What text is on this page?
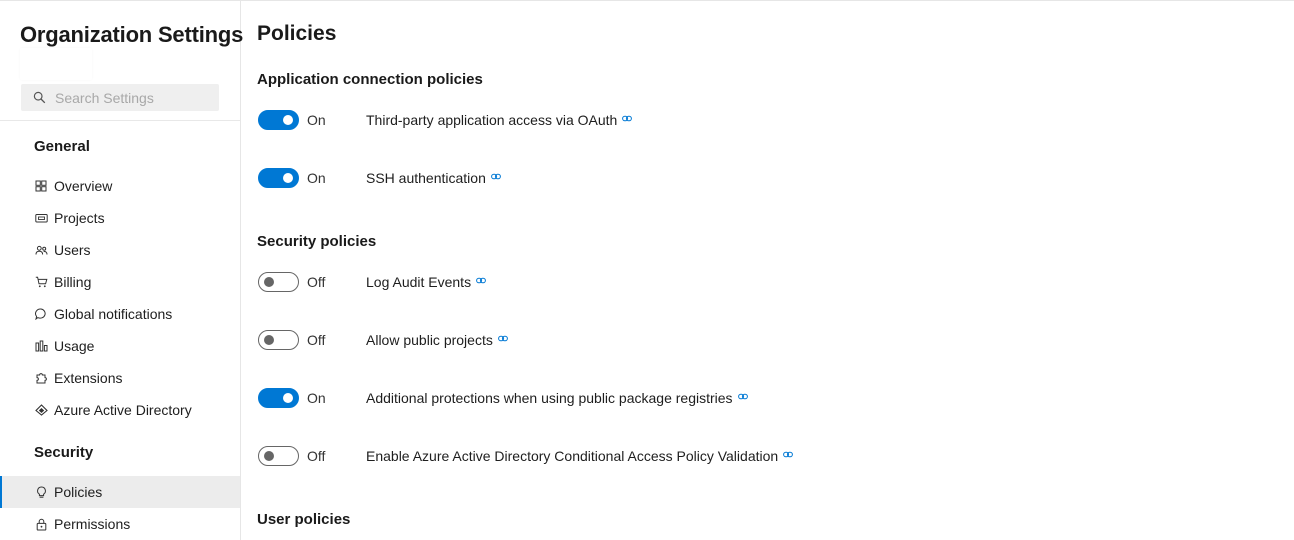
Organization Settings
Search Settings
General
Overview
Projects
Users
Billing
Global notifications
Usage
Extensions
Azure Active Directory
Security
Policies
Permissions
Policies
Application connection policies
On	Third-party application access via OAuth
On	SSH authentication
Security policies
Off	Log Audit Events
Off	Allow public projects
On	Additional protections when using public package registries
Off	Enable Azure Active Directory Conditional Access Policy Validation
User policies
